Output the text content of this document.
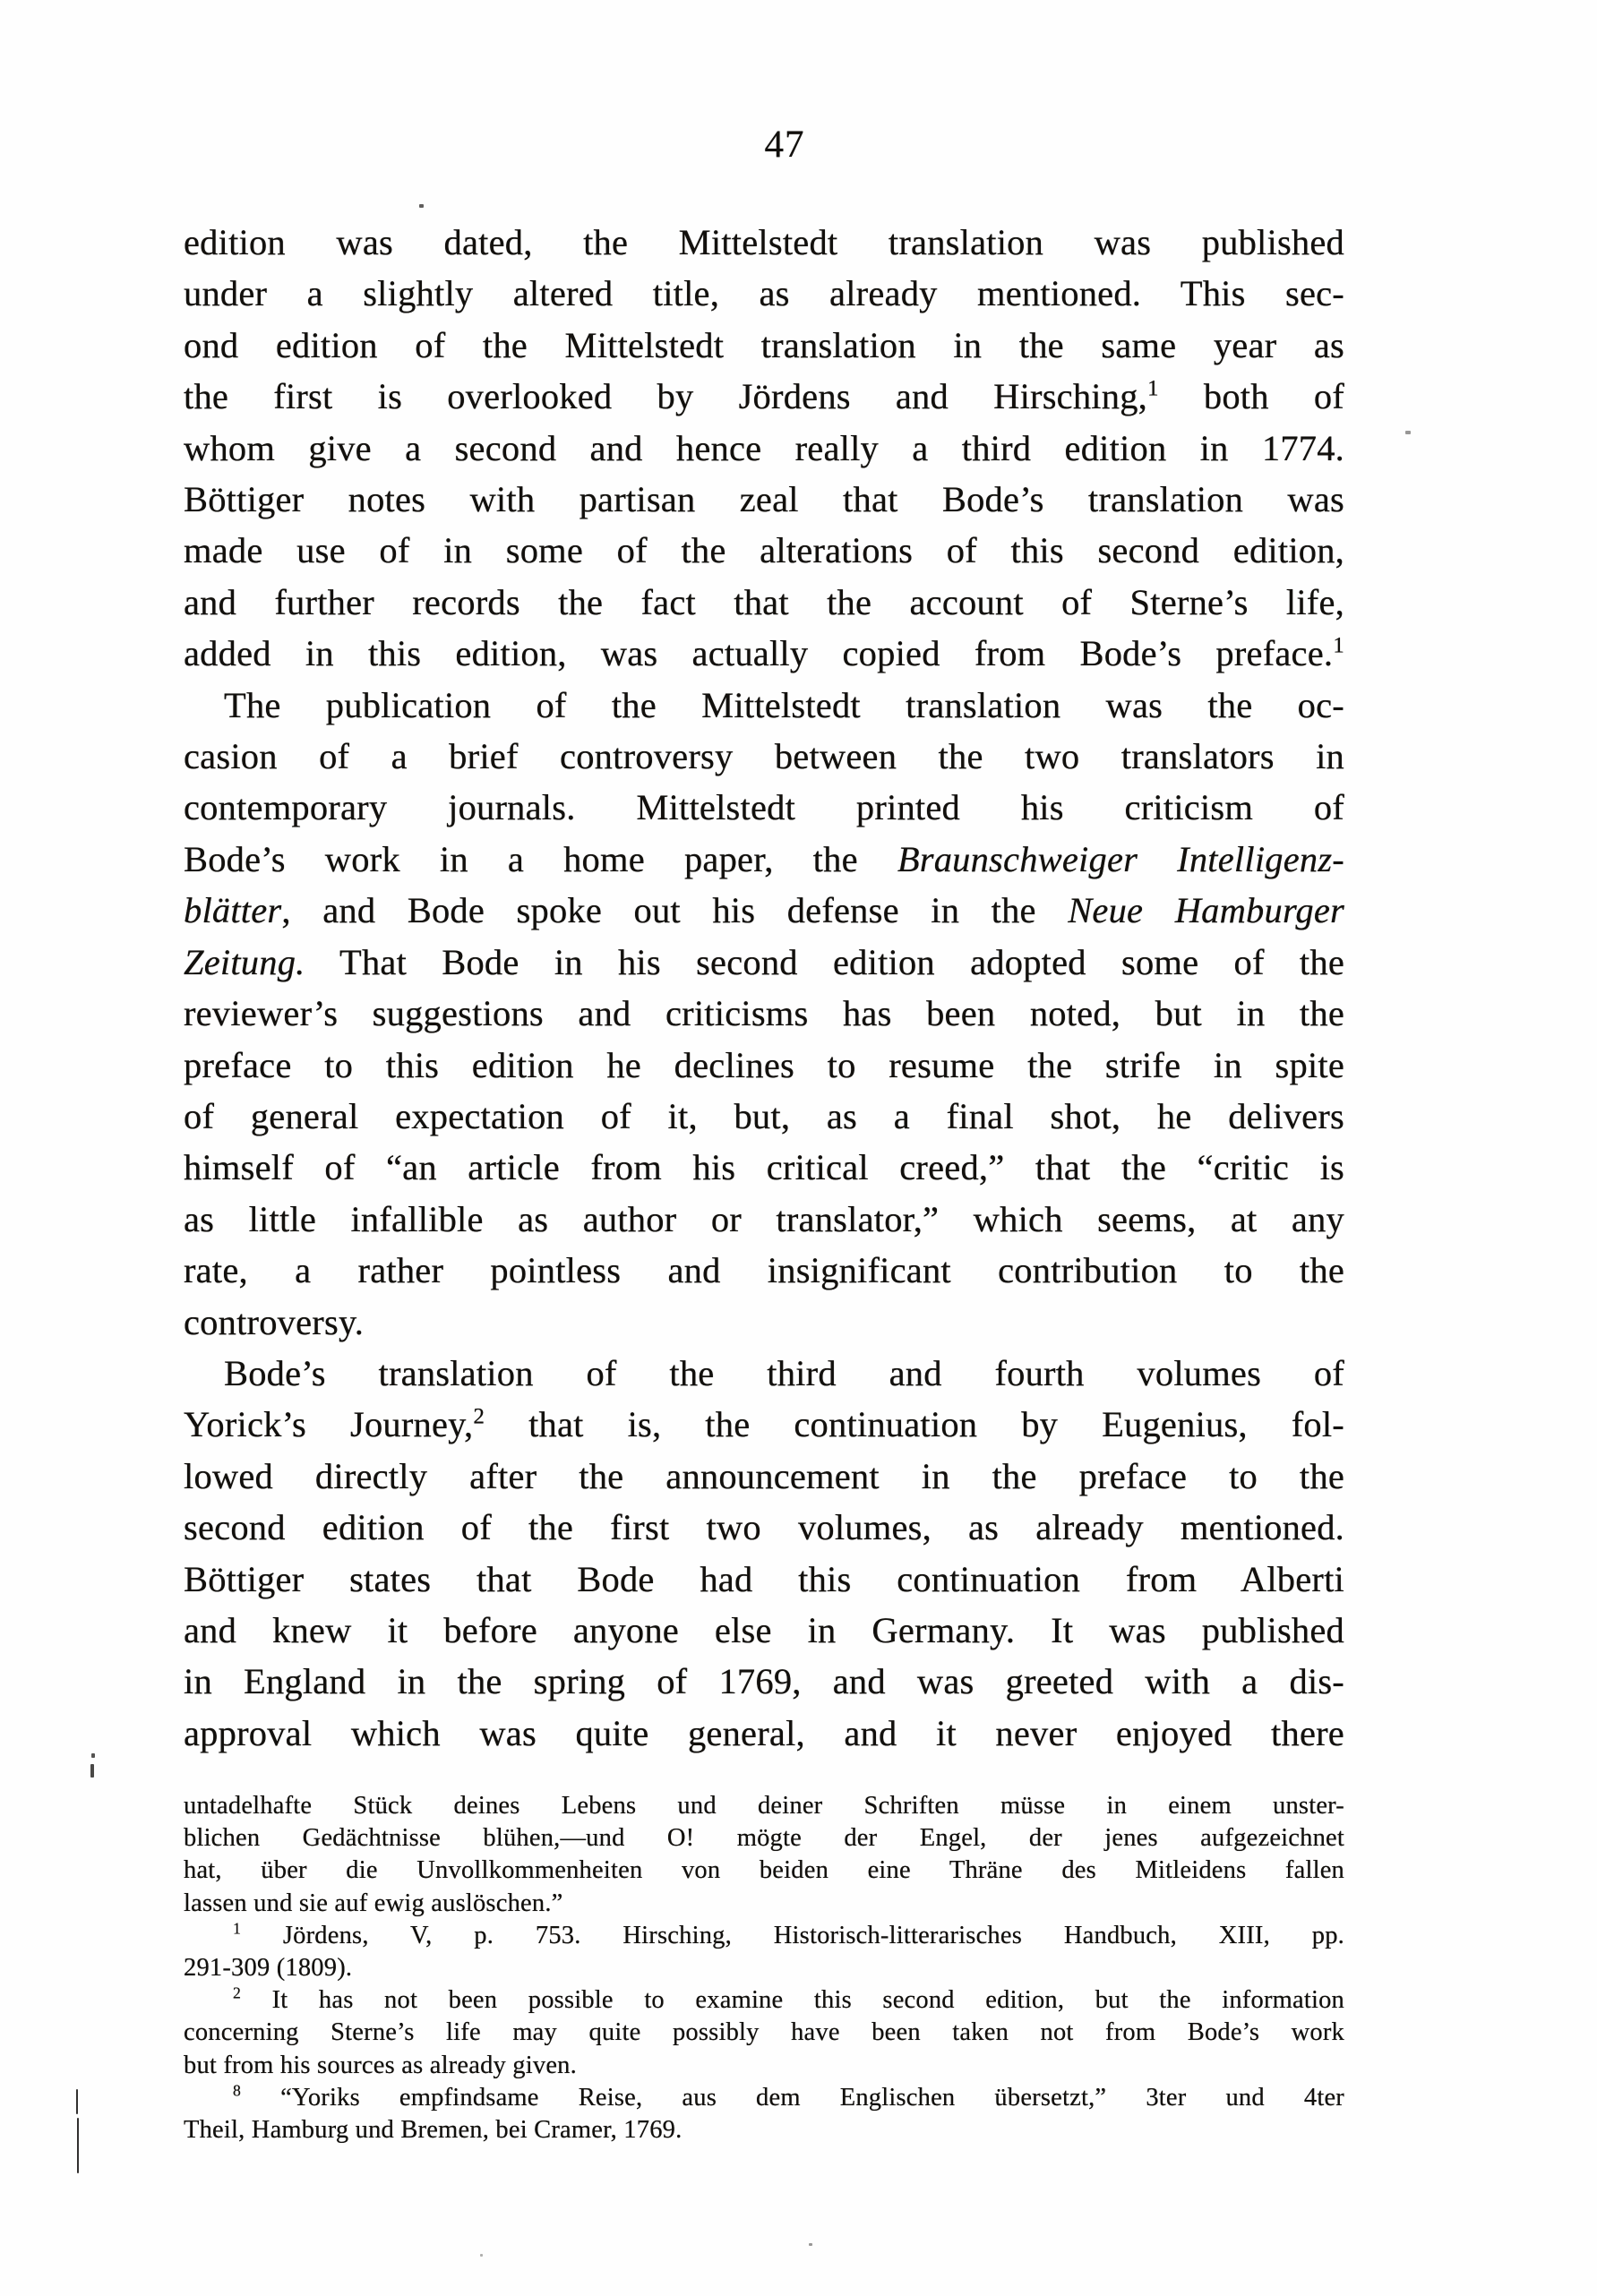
47
edition was dated, the Mittelstedt translation was published
under a slightly altered title, as already mentioned. This sec-
ond edition of the Mittelstedt translation in the same year as
the first is overlooked by Jördens and Hirsching,$^1$ both of
whom give a second and hence really a third edition in 1774.
Böttiger notes with partisan zeal that Bode’s translation was
made use of in some of the alterations of this second edition,
and further records the fact that the account of Sterne’s life,
added in this edition, was actually copied from Bode’s preface.$^1$
The publication of the Mittelstedt translation was the oc-
casion of a brief controversy between the two translators in
contemporary journals. Mittelstedt printed his criticism of
Bode’s work in a home paper, the Braunschweiger Intelligenz-
blätter, and Bode spoke out his defense in the Neue Hamburger
Zeitung. That Bode in his second edition adopted some of the
reviewer’s suggestions and criticisms has been noted, but in the
preface to this edition he declines to resume the strife in spite
of general expectation of it, but, as a final shot, he delivers
himself of “an article from his critical creed,” that the “critic is
as little infallible as author or translator,” which seems, at any
rate, a rather pointless and insignificant contribution to the
controversy.
Bode’s translation of the third and fourth volumes of
Yorick’s Journey,$^2$ that is, the continuation by Eugenius, fol-
lowed directly after the announcement in the preface to the
second edition of the first two volumes, as already mentioned.
Böttiger states that Bode had this continuation from Alberti
and knew it before anyone else in Germany. It was published
in England in the spring of 1769, and was greeted with a dis-
approval which was quite general, and it never enjoyed there
untadelhafte Stück deines Lebens und deiner Schriften müsse in einem unster-
blichen Gedächtnisse blühen,—und O! mögte der Engel, der jenes aufgezeichnet
hat, über die Unvollkommenheiten von beiden eine Thräne des Mitleidens fallen
lassen und sie auf ewig auslöschen.”
$^1$ Jördens, V, p. 753. Hirsching, Historisch-litterarisches Handbuch, XIII, pp.
291-309 (1809).
$^2$ It has not been possible to examine this second edition, but the information
concerning Sterne’s life may quite possibly have been taken not from Bode’s work
but from his sources as already given.
$^8$ “Yoriks empfindsame Reise, aus dem Englischen übersetzt,” 3ter und 4ter
Theil, Hamburg und Bremen, bei Cramer, 1769.
